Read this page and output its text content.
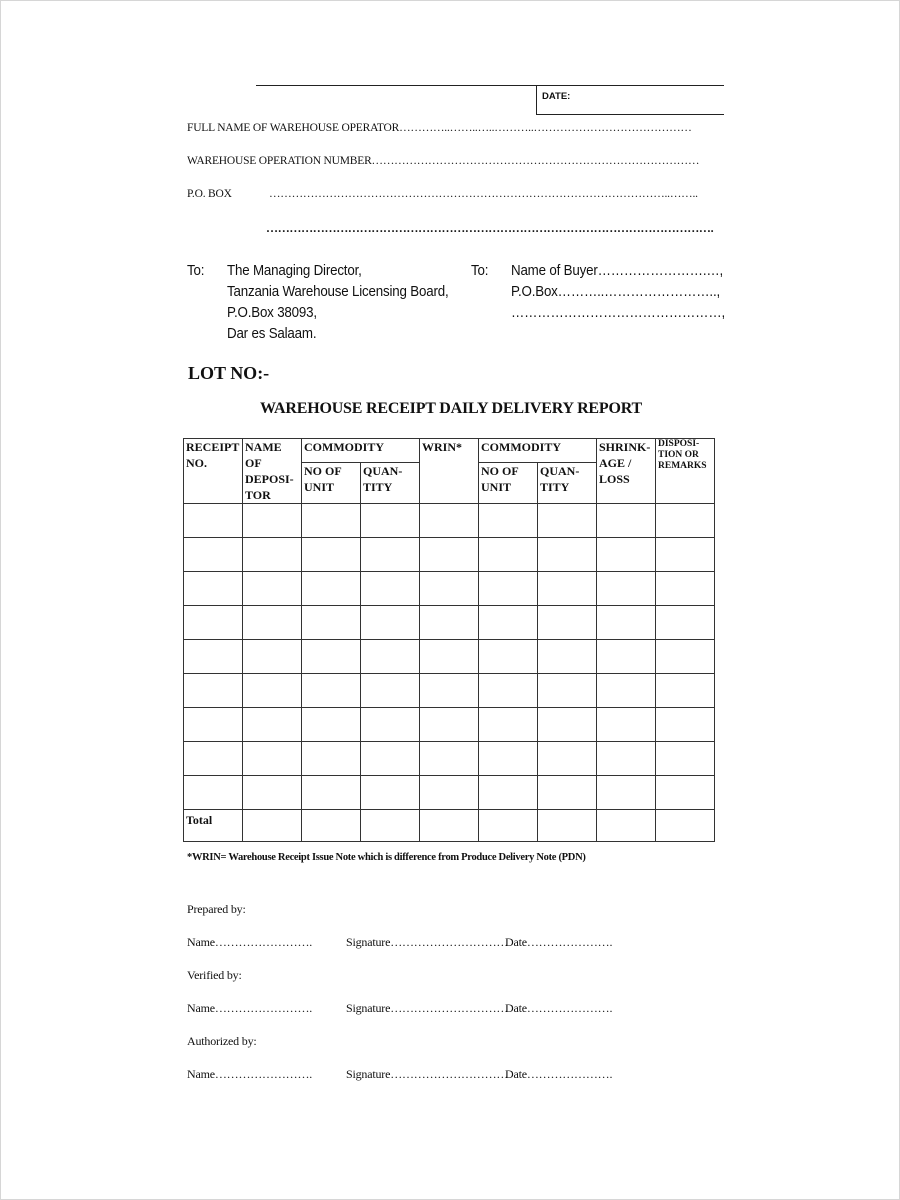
DATE:
FULL NAME OF WAREHOUSE OPERATOR…………..……..…..………..……………………………………
WAREHOUSE OPERATION NUMBER……………………………………………………………………………
P.O. BOX	……………………………………………………………………………………………..……..
…………………………………………………………………………………………………….
To: The Managing Director,
Tanzania Warehouse Licensing Board,
P.O.Box 38093,
Dar es Salaam.
To: Name of Buyer…………………….…,
P.O.Box………..……………………..,
…………………………………………,
LOT NO:-
WAREHOUSE RECEIPT DAILY DELIVERY REPORT
RECEIPT NO.	NAME OF DEPOSI-TOR	COMMODITY		WRIN*	COMMODITY		SHRINK-AGE / LOSS	DISPOSI-TION OR REMARKS
		NO OF UNIT	QUAN-TITY		NO OF UNIT	QUAN-TITY		

Total								
*WRIN= Warehouse Receipt Issue Note which is difference from Produce Delivery Note (PDN)
Prepared by:
Name…………………….	Signature…………………………
Date………………….
Verified by:
Name…………………….	Signature…………………………
Date………………….
Authorized by:
Name…………………….	Signature…………………………
Date………………….
